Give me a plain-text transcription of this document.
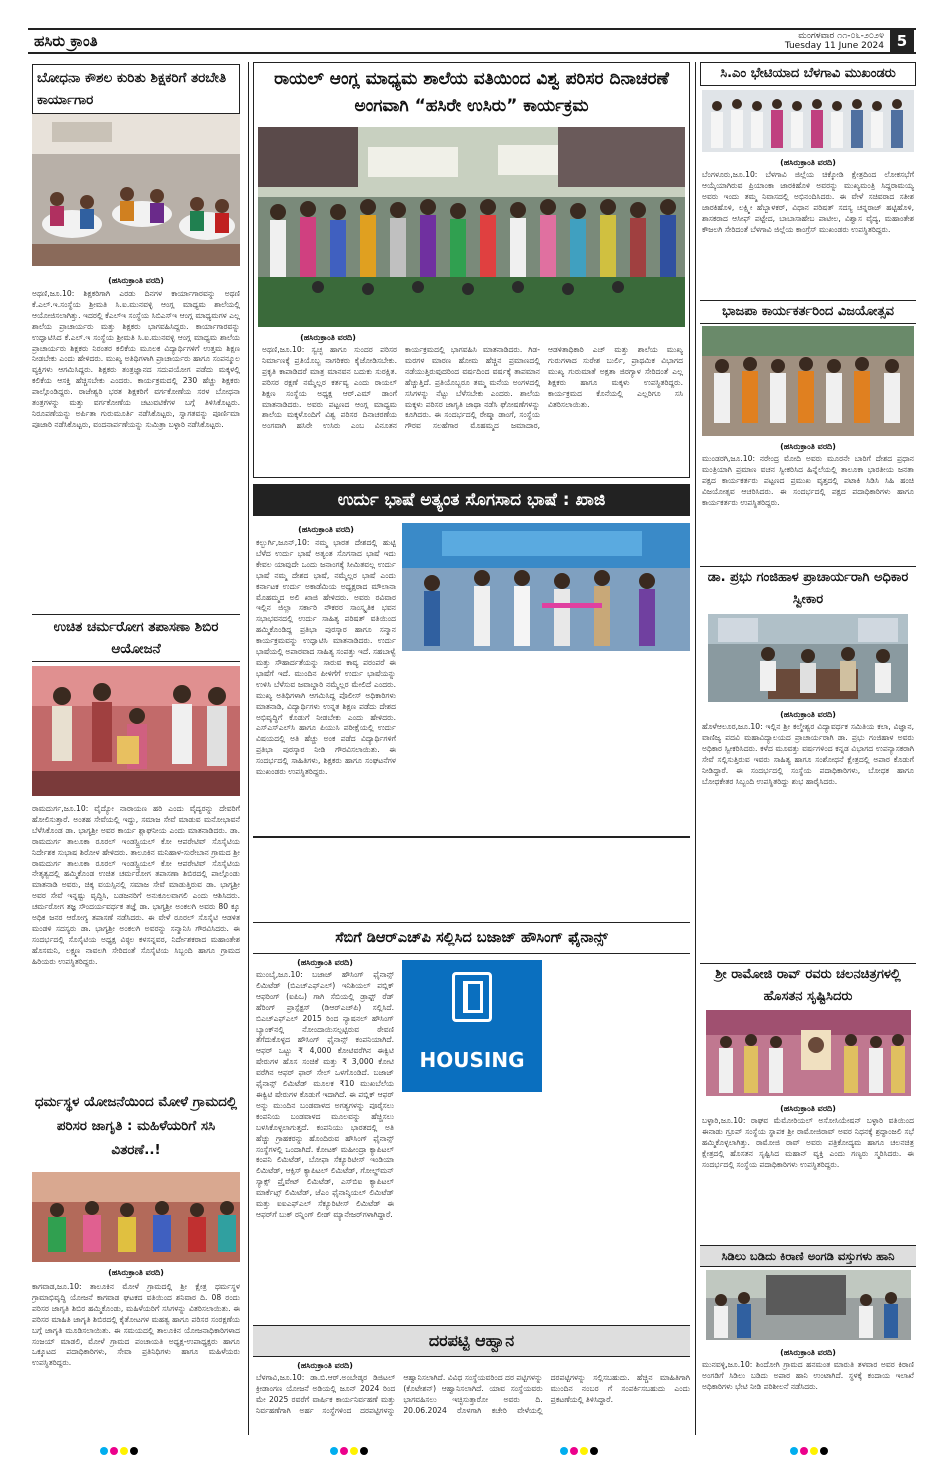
ಹಸಿರು ಕ್ರಾಂತಿ	ಮಂಗಳವಾರ ೧೧-೦೬-೨೦೨೪
Tuesday 11 June 2024 5
ಬೋಧನಾ ಕೌಶಲ ಕುರಿತು ಶಿಕ್ಷಕರಿಗೆ ತರಬೇತಿ ಕಾರ್ಯಾಗಾರ
(ಹಸಿರುಕ್ರಾಂತಿ ವರದಿ)
ಅಥಣಿ,ಜೂ.10: ಶಿಕ್ಷಕರಿಗಾಗಿ ಎರಡು ದಿನಗಳ ಕಾರ್ಯಾಗಾರವನ್ನು ಅಥಣಿ ಕೆ.ಎಲ್.ಇ.ಸಂಸ್ಥೆಯ ಶ್ರೀಮತಿ ಸಿ.ಐ.ಮುನವಳ್ಳಿ ಆಂಗ್ಲ ಮಾಧ್ಯಮ ಶಾಲೆಯಲ್ಲಿ ಆಯೋಜಿಸಲಾಗಿತ್ತು. ಇದರಲ್ಲಿ ಕೆಎಲ್ಇ ಸಂಸ್ಥೆಯ ಸಿಬಿಎಸ್ಇ ಆಂಗ್ಲ ಮಾಧ್ಯಮಗಳ ಎಲ್ಲ ಶಾಲೆಯ ಪ್ರಾಚಾರ್ಯರು ಮತ್ತು ಶಿಕ್ಷಕರು ಭಾಗವಹಿಸಿದ್ದರು. ಕಾರ್ಯಾಗಾರವನ್ನು ಉದ್ಘಾಟಿಸಿದ ಕೆ.ಎಲ್.ಇ ಸಂಸ್ಥೆಯ ಶ್ರೀಮತಿ ಸಿ.ಐ.ಮುನವಳ್ಳಿ ಆಂಗ್ಲ ಮಾಧ್ಯಮ ಶಾಲೆಯ ಪ್ರಾಚಾರ್ಯರು ಶಿಕ್ಷಕರು ನಿರಂತರ ಕಲಿಕೆಯ ಮೂಲಕ ವಿದ್ಯಾರ್ಥಿಗಳಿಗೆ ಉತ್ತಮ ಶಿಕ್ಷಣ ನೀಡಬೇಕು ಎಂದು ಹೇಳಿದರು. ಮುಖ್ಯ ಅತಿಥಿಗಳಾಗಿ ಪ್ರಾಚಾರ್ಯರು ಹಾಗೂ ಸಂಪನ್ಮೂಲ ವ್ಯಕ್ತಿಗಳು ಆಗಮಿಸಿದ್ದರು. ಶಿಕ್ಷಕರು ತಂತ್ರಜ್ಞಾನದ ಸದುಪಯೋಗ ಪಡೆದು ಮಕ್ಕಳಲ್ಲಿ ಕಲಿಕೆಯ ಆಸಕ್ತಿ ಹೆಚ್ಚಿಸಬೇಕು ಎಂದರು. ಕಾರ್ಯಕ್ರಮದಲ್ಲಿ 230 ಹೆಚ್ಚು ಶಿಕ್ಷಕರು ಪಾಲ್ಗೊಂಡಿದ್ದರು. ರಾಜೇಶ್ವರಿ ಭರತ ಶಿಕ್ಷಕರಿಗೆ ವರ್ಗಕೋಣೆಯ ಸರಳ ಬೋಧನಾ ತಂತ್ರಗಳನ್ನು ಮತ್ತು ವರ್ಗಕೋಣೆಯ ಚಟುವಟಿಕೆಗಳ ಬಗ್ಗೆ ತಿಳಿಸಿಕೊಟ್ಟರು. ನಿರೂಪಣೆಯನ್ನು ಅರ್ಪಿತಾ ಗುರುಮೂರ್ತಿ ನಡೆಸಿಕೊಟ್ಟರು, ಸ್ವಾಗತವನ್ನು ಪೂರ್ಣಿಮಾ ಪೂಜಾರಿ ನಡೆಸಿಕೊಟ್ಟರು, ವಂದನಾರ್ಪಣೆಯನ್ನು ಸುಮಿತ್ರಾ ಬಳ್ಳಾರಿ ನಡೆಸಿಕೊಟ್ಟರು.
ಉಚಿತ ಚರ್ಮರೋಗ ತಪಾಸಣಾ ಶಿಬಿರ ಆಯೋಜನೆ
ರಾಮದುರ್ಗ,ಜೂ.10: ವೈದ್ಯೋ ನಾರಾಯಣ ಹರಿ ಎಂದು ವೈದ್ಯರನ್ನು ದೇವರಿಗೆ ಹೋಲಿಸುತ್ತಾರೆ. ಅಂತಹ ಸೇವೆಯಲ್ಲಿ ಇದ್ದು, ಸಮಾಜ ಸೇವೆ ಮಾಡುವ ಮನೋಭಾವನೆ ಬೆಳೆಸಿಕೊಂಡ ಡಾ. ಭಾಗ್ಯಶ್ರೀ ಅವರ ಕಾರ್ಯ ಶ್ಲಾಘನೀಯ ಎಂದು ಮಾತನಾಡಿದರು. ಡಾ. ರಾಮದುರ್ಗ ತಾಲೂಕಾ ರೂರಲ್ ಇಂಡಸ್ಟ್ರಿಯಲ್ ಕೋ ಆಪರೇಟಿವ್ ಸೊಸೈಟಿಯ ನಿರ್ದೇಶಕ ಸುಭಾಷ ಶಿರೋಳ ಹೇಳಿದರು. ತಾಲೂಕಿನ ಮನಿಹಾಳ-ಸುರೇಬಾನ ಗ್ರಾಮದ ಶ್ರೀ ರಾಮದುರ್ಗ ತಾಲೂಕಾ ರೂರಲ್ ಇಂಡಸ್ಟ್ರಿಯಲ್ ಕೋ ಆಪರೇಟಿವ್ ಸೊಸೈಟಿಯ ನೇತೃತ್ವದಲ್ಲಿ ಹಮ್ಮಿಕೊಂಡ ಉಚಿತ ಚರ್ಮರೋಗ ತಪಾಸಣಾ ಶಿಬಿರದಲ್ಲಿ ಪಾಲ್ಗೊಂಡು ಮಾತನಾಡಿ ಅವರು, ಚಿಕ್ಕ ವಯಸ್ಸಿನಲ್ಲಿ ಸಮಾಜ ಸೇವೆ ಮಾಡುತ್ತಿರುವ ಡಾ. ಭಾಗ್ಯಶ್ರೀ ಅವರ ಸೇವೆ ಇನ್ನಷ್ಟು ವೃದ್ಧಿಸಿ, ಬಡಜನರಿಗೆ ಅನುಕೂಲವಾಗಲಿ ಎಂದು ಆಶಿಸಿದರು. ಚರ್ಮರೋಗ ತಜ್ಞ ಸೌಂದರ್ಯವರ್ಧಕ ತಜ್ಞೆ ಡಾ. ಭಾಗ್ಯಶ್ರೀ ಅಂಕಲಗಿ ಅವರು 80 ಕ್ಕೂ ಅಧಿಕ ಜನರ ಆರೋಗ್ಯ ತಪಾಸಣೆ ನಡೆಸಿದರು. ಈ ವೇಳೆ ರೂರಲ್ ಸೊಸೈಟಿ ಆಡಳಿತ ಮಂಡಳಿ ಸದಸ್ಯರು ಡಾ. ಭಾಗ್ಯಶ್ರೀ ಅಂಕಲಗಿ ಅವರನ್ನು ಸನ್ಮಾನಿಸಿ ಗೌರವಿಸಿದರು. ಈ ಸಂದರ್ಭದಲ್ಲಿ ಸೊಸೈಟಿಯ ಅಧ್ಯಕ್ಷ ವಿಠ್ಠಲ ಕಳಸನ್ನವರ, ನಿರ್ದೇಶಕರಾದ ಮಹಾಂತೇಶ ಹೊಸಮನಿ, ಲಕ್ಷ್ಮಣ ನಾವಲಗಿ ಸೇರಿದಂತೆ ಸೊಸೈಟಿಯ ಸಿಬ್ಬಂದಿ ಹಾಗೂ ಗ್ರಾಮದ ಹಿರಿಯರು ಉಪಸ್ಥಿತರಿದ್ದರು.
ಧರ್ಮಸ್ಥಳ ಯೋಜನೆಯಿಂದ ಮೋಳೆ ಗ್ರಾಮದಲ್ಲಿ ಪರಿಸರ ಜಾಗೃತಿ : ಮಹಿಳೆಯರಿಗೆ ಸಸಿ ವಿತರಣೆ..!
(ಹಸಿರುಕ್ರಾಂತಿ ವರದಿ)
ಕಾಗವಾಡ,ಜೂ.10: ತಾಲೂಕಿನ ಮೋಳೆ ಗ್ರಾಮದಲ್ಲಿ ಶ್ರೀ ಕ್ಷೇತ್ರ ಧರ್ಮಸ್ಥಳ ಗ್ರಾಮಾಭಿವೃದ್ಧಿ ಯೋಜನೆ ಕಾಗವಾಡ ಘಟಕದ ವತಿಯಿಂದ ಶನಿವಾರ ದಿ. 08 ರಂದು ಪರಿಸರ ಜಾಗೃತಿ ಶಿಬಿರ ಹಮ್ಮಿಕೊಂಡು, ಮಹಿಳೆಯರಿಗೆ ಸಸಿಗಳನ್ನು ವಿತರಿಸಲಾಯಿತು. ಈ ಪರಿಸರ ಮಾಹಿತಿ ಜಾಗೃತಿ ಶಿಬಿರದಲ್ಲಿ ಕೈತೋಟಗಳ ಮಹತ್ವ ಹಾಗೂ ಪರಿಸರ ಸಂರಕ್ಷಣೆಯ ಬಗ್ಗೆ ಜಾಗೃತಿ ಮೂಡಿಸಲಾಯಿತು. ಈ ಸಮಯದಲ್ಲಿ ತಾಲೂಕಿನ ಯೋಜನಾಧಿಕಾರಿಗಳಾದ ಸಂಜಯ್ ಮಾಡಲಿ, ಮೋಳೆ ಗ್ರಾಮದ ಪಂಚಾಯತಿ ಅಧ್ಯಕ್ಷ-ಉಪಾಧ್ಯಕ್ಷರು ಹಾಗೂ ಒಕ್ಕೂಟದ ಪದಾಧಿಕಾರಿಗಳು, ಸೇವಾ ಪ್ರತಿನಿಧಿಗಳು ಹಾಗೂ ಮಹಿಳೆಯರು ಉಪಸ್ಥಿತರಿದ್ದರು.
ರಾಯಲ್ ಆಂಗ್ಲ ಮಾಧ್ಯಮ ಶಾಲೆಯ ವತಿಯಿಂದ ವಿಶ್ವ ಪರಿಸರ ದಿನಾಚರಣೆ ಅಂಗವಾಗಿ “ಹಸಿರೇ ಉಸಿರು” ಕಾರ್ಯಕ್ರಮ
(ಹಸಿರುಕ್ರಾಂತಿ ವರದಿ)
ಅಥಣಿ,ಜೂ.10: ಸ್ವಚ್ಛ ಹಾಗೂ ಸುಂದರ ಪರಿಸರ ನಿರ್ಮಾಣಕ್ಕೆ ಪ್ರತಿಯೊಬ್ಬ ನಾಗರಿಕರು ಕೈಜೋಡಿಸಬೇಕು. ಪ್ರಕೃತಿ ಕಾಪಾಡಿದರೆ ಮಾತ್ರ ಮಾನವನ ಬದುಕು ಸುರಕ್ಷಿತ. ಪರಿಸರ ರಕ್ಷಣೆ ನಮ್ಮೆಲ್ಲರ ಕರ್ತವ್ಯ ಎಂದು ರಾಯಲ್ ಶಿಕ್ಷಣ ಸಂಸ್ಥೆಯ ಅಧ್ಯಕ್ಷ ಆರ್.ಎಮ್ ಡಾಂಗೆ ಮಾತನಾಡಿದರು. ಅವರು ಪಟ್ಟಣದ ಆಂಗ್ಲ ಮಾಧ್ಯಮ ಶಾಲೆಯ ಮಕ್ಕಳೊಂದಿಗೆ ವಿಶ್ವ ಪರಿಸರ ದಿನಾಚರಣೆಯ ಅಂಗವಾಗಿ ಹಸಿರೇ ಉಸಿರು ಎಂಬ ವಿನೂತನ ಕಾರ್ಯಕ್ರಮದಲ್ಲಿ ಭಾಗವಹಿಸಿ ಮಾತನಾಡಿದರು. ಗಿಡ-ಮರಗಳ ಮಾರಣ ಹೋಮ ಹೆಚ್ಚಿನ ಪ್ರಮಾಣದಲ್ಲಿ ನಡೆಯುತ್ತಿರುವುದರಿಂದ ವರ್ಷದಿಂದ ವರ್ಷಕ್ಕೆ ತಾಪಮಾನ ಹೆಚ್ಚುತ್ತಿದೆ. ಪ್ರತಿಯೊಬ್ಬರೂ ತಮ್ಮ ಮನೆಯ ಅಂಗಳದಲ್ಲಿ ಸಸಿಗಳನ್ನು ನೆಟ್ಟು ಬೆಳೆಸಬೇಕು ಎಂದರು. ಶಾಲೆಯ ಮಕ್ಕಳು ಪರಿಸರ ಜಾಗೃತಿ ಜಾಥಾ ನಡೆಸಿ ಘೋಷಣೆಗಳನ್ನು ಕೂಗಿದರು. ಈ ಸಂದರ್ಭದಲ್ಲಿ ರೇಷ್ಮಾ ಡಾಂಗೆ, ಸಂಸ್ಥೆಯ ಗೌರವ ಸಲಹೆಗಾರ ಮೊಹಮ್ಮದ ಜಮಾದಾರ, ಆಡಳಿತಾಧಿಕಾರಿ ಎಚ್ ಮತ್ತು ಶಾಲೆಯ ಮುಖ್ಯ ಗುರುಗಳಾದ ಸುರೇಶ ಬುರ್ಲಿ, ಪ್ರಾಥಮಿಕ ವಿಭಾಗದ ಮುಖ್ಯ ಗುರುಮಾತೆ ಅಕ್ಷತಾ ಜಿರಗ್ಯಾಳ ಸೇರಿದಂತೆ ಎಲ್ಲ ಶಿಕ್ಷಕರು ಹಾಗೂ ಮಕ್ಕಳು ಉಪಸ್ಥಿತರಿದ್ದರು. ಕಾರ್ಯಕ್ರಮದ ಕೊನೆಯಲ್ಲಿ ಎಲ್ಲರಿಗೂ ಸಸಿ ವಿತರಿಸಲಾಯಿತು.
ಉರ್ದು ಭಾಷೆ ಅತ್ಯಂತ ಸೊಗಸಾದ ಭಾಷೆ : ಖಾಜಿ
(ಹಸಿರುಕ್ರಾಂತಿ ವರದಿ)
ಕಲ್ಬುರ್ಗಿ,ಜೂನ್,10: ನಮ್ಮ ಭಾರತ ದೇಶದಲ್ಲಿ ಹುಟ್ಟಿ ಬೆಳೆದ ಉರ್ದು ಭಾಷೆ ಅತ್ಯಂತ ಸೊಗಸಾದ ಭಾಷೆ ಇದು ಕೇವಲ ಯಾವುದೇ ಒಂದು ಜನಾಂಗಕ್ಕೆ ಸೀಮಿತವಲ್ಲ ಉರ್ದು ಭಾಷೆ ನಮ್ಮ ದೇಶದ ಭಾಷೆ, ನಮ್ಮೆಲ್ಲರ ಭಾಷೆ ಎಂದು ಕರ್ನಾಟಕ ಉರ್ದು ಅಕಾಡೆಮಿಯ ಅಧ್ಯಕ್ಷರಾದ ಮೌಲಾನಾ ಮೊಹಮ್ಮದ ಅಲಿ ಖಾಜಿ ಹೇಳಿದರು. ಅವರು ರವಿವಾರ ಇಲ್ಲಿನ ಜಿಲ್ಲಾ ಸರ್ಕಾರಿ ನೌಕರರ ಸಾಂಸ್ಕೃತಿಕ ಭವನ ಸಭಾಭವನದಲ್ಲಿ ಉರ್ದು ಸಾಹಿತ್ಯ ಪರಿಷತ್ ವತಿಯಿಂದ ಹಮ್ಮಿಕೊಂಡಿದ್ದ ಪ್ರತಿಭಾ ಪುರಸ್ಕಾರ ಹಾಗೂ ಸನ್ಮಾನ ಕಾರ್ಯಕ್ರಮವನ್ನು ಉದ್ಘಾಟಿಸಿ ಮಾತನಾಡಿದರು. ಉರ್ದು ಭಾಷೆಯಲ್ಲಿ ಅಪಾರವಾದ ಸಾಹಿತ್ಯ ಸಂಪತ್ತು ಇದೆ. ಸಹಬಾಳ್ವೆ ಮತ್ತು ಸೌಹಾರ್ದತೆಯನ್ನು ಸಾರುವ ಕಾವ್ಯ ಪರಂಪರೆ ಈ ಭಾಷೆಗೆ ಇದೆ. ಮುಂದಿನ ಪೀಳಿಗೆಗೆ ಉರ್ದು ಭಾಷೆಯನ್ನು ಉಳಿಸಿ ಬೆಳೆಸುವ ಜವಾಬ್ದಾರಿ ನಮ್ಮೆಲ್ಲರ ಮೇಲಿದೆ ಎಂದರು. ಮುಖ್ಯ ಅತಿಥಿಗಳಾಗಿ ಆಗಮಿಸಿದ್ದ ಪೊಲೀಸ್ ಅಧಿಕಾರಿಗಳು ಮಾತನಾಡಿ, ವಿದ್ಯಾರ್ಥಿಗಳು ಉನ್ನತ ಶಿಕ್ಷಣ ಪಡೆದು ದೇಶದ ಅಭಿವೃದ್ಧಿಗೆ ಕೊಡುಗೆ ನೀಡಬೇಕು ಎಂದು ಹೇಳಿದರು. ಎಸ್ಎಸ್ಎಲ್‌ಸಿ ಹಾಗೂ ಪಿಯುಸಿ ಪರೀಕ್ಷೆಯಲ್ಲಿ ಉರ್ದು ವಿಷಯದಲ್ಲಿ ಅತಿ ಹೆಚ್ಚು ಅಂಕ ಪಡೆದ ವಿದ್ಯಾರ್ಥಿಗಳಿಗೆ ಪ್ರತಿಭಾ ಪುರಸ್ಕಾರ ನೀಡಿ ಗೌರವಿಸಲಾಯಿತು. ಈ ಸಂದರ್ಭದಲ್ಲಿ ಸಾಹಿತಿಗಳು, ಶಿಕ್ಷಕರು ಹಾಗೂ ಸಂಘಟನೆಗಳ ಮುಖಂಡರು ಉಪಸ್ಥಿತರಿದ್ದರು.
ಸೆಬಿಗೆ ಡಿಆರ್‌ಎಚ್‌ಪಿ ಸಲ್ಲಿಸಿದ ಬಜಾಜ್ ಹೌಸಿಂಗ್ ಫೈನಾನ್ಸ್
(ಹಸಿರುಕ್ರಾಂತಿ ವರದಿ)
ಮುಂಬೈ,ಜೂ.10: ಬಜಾಜ್ ಹೌಸಿಂಗ್ ಫೈನಾನ್ಸ್ ಲಿಮಿಟೆಡ್ (ಬಿಎಚ್‌ಎಫ್‌ಎಲ್) ಇನಿಶಿಯಲ್ ಪಬ್ಲಿಕ್ ಆಫರಿಂಗ್ (ಐಪಿಒ) ಗಾಗಿ ಸೆಬಿಯಲ್ಲಿ ಡ್ರಾಫ್ಟ್ ರೆಡ್ ಹೆರಿಂಗ್ ಪ್ರಾಸ್ಪೆಕ್ಟಸ್ (ಡಿಆರ್‌ಎಚ್‌ಪಿ) ಸಲ್ಲಿಸಿದೆ. ಬಿಎಚ್‌ಎಫ್‌ಎಲ್ 2015 ರಿಂದ ನ್ಯಾಷನಲ್ ಹೌಸಿಂಗ್ ಬ್ಯಾಂಕ್‌ನಲ್ಲಿ ನೋಂದಾಯಿಸಲ್ಪಟ್ಟಿರುವ ಠೇವಣಿ ತೆಗೆದುಕೊಳ್ಳದ ಹೌಸಿಂಗ್ ಫೈನಾನ್ಸ್ ಕಂಪನಿಯಾಗಿದೆ. ಆಫರ್ ಒಟ್ಟು ₹ 4,000 ಕೋಟಿವರೆಗಿನ ಈಕ್ವಿಟಿ ಷೇರುಗಳ ಹೊಸ ಸಂಚಿಕೆ ಮತ್ತು ₹ 3,000 ಕೋಟಿ ವರೆಗಿನ ಆಫರ್ ಫಾರ್ ಸೇಲ್ ಒಳಗೊಂಡಿದೆ. ಬಜಾಜ್ ಫೈನಾನ್ಸ್ ಲಿಮಿಟೆಡ್ ಮೂಲಕ ₹10 ಮುಖಬೆಲೆಯ ಈಕ್ವಿಟಿ ಷೇರುಗಳ ಕೊಡುಗೆ ಇದಾಗಿದೆ. ಈ ಪಬ್ಲಿಕ್ ಆಫರ್ ಅನ್ನು ಮುಂದಿನ ಬಂಡವಾಳದ ಅಗತ್ಯಗಳನ್ನು ಪೂರೈಸಲು ಕಂಪನಿಯ ಬಂಡವಾಳದ ಮೂಲವನ್ನು ಹೆಚ್ಚಿಸಲು ಬಳಸಿಕೊಳ್ಳಲಾಗುತ್ತದೆ. ಕಂಪನಿಯು ಭಾರತದಲ್ಲಿ ಅತಿ ಹೆಚ್ಚು ಗ್ರಾಹಕರನ್ನು ಹೊಂದಿರುವ ಹೌಸಿಂಗ್ ಫೈನಾನ್ಸ್ ಸಂಸ್ಥೆಗಳಲ್ಲಿ ಒಂದಾಗಿದೆ. ಕೋಟಕ್ ಮಹೀಂದ್ರಾ ಕ್ಯಾಪಿಟಲ್ ಕಂಪನಿ ಲಿಮಿಟೆಡ್, ಬೋಫಾ ಸೆಕ್ಯೂರಿಟೀಸ್ ಇಂಡಿಯಾ ಲಿಮಿಟೆಡ್, ಆಕ್ಸಿಸ್ ಕ್ಯಾಪಿಟಲ್ ಲಿಮಿಟೆಡ್, ಗೋಲ್ಡ್‌ಮನ್ ಸ್ಯಾಕ್ಸ್ ಪ್ರೈವೇಟ್ ಲಿಮಿಟೆಡ್, ಎಸ್‌ಬಿಐ ಕ್ಯಾಪಿಟಲ್ ಮಾರ್ಕೆಟ್ಸ್ ಲಿಮಿಟೆಡ್, ಜೆಎಂ ಫೈನಾನ್ಶಿಯಲ್ ಲಿಮಿಟೆಡ್ ಮತ್ತು ಐಐಎಫ್‌ಎಲ್ ಸೆಕ್ಯೂರಿಟೀಸ್ ಲಿಮಿಟೆಡ್ ಈ ಆಫರ್‌ಗೆ ಬುಕ್ ರನ್ನಿಂಗ್ ಲೀಡ್ ಮ್ಯಾನೇಜರ್‌ಗಳಾಗಿದ್ದಾರೆ.
HOUSING
ದರಪಟ್ಟಿ ಆಹ್ವಾನ
(ಹಸಿರುಕ್ರಾಂತಿ ವರದಿ)
ಬೆಳಗಾವಿ,ಜೂ.10: ಡಾ.ಬಿ.ಆರ್.ಅಂಬೇಡ್ಕರ ಡಿಜಿಟಲ್ ಕ್ರೀಡಾಂಗಣ ಯೋಜನೆ ಅಡಿಯಲ್ಲಿ ಜೂನ್ 2024 ರಿಂದ ಮೇ 2025 ರವರೆಗೆ ವಾರ್ಷಿಕ ಕಾರ್ಯನಿರ್ವಹಣೆ ಮತ್ತು ನಿರ್ವಹಣೆಗಾಗಿ ಅರ್ಹ ಸಂಸ್ಥೆಗಳಿಂದ ದರಪಟ್ಟಿಗಳನ್ನು ಆಹ್ವಾನಿಸಲಾಗಿದೆ. ವಿವಿಧ ಸಂಸ್ಥೆಯವರಿಂದ ದರ ಪಟ್ಟಿಗಳನ್ನು (ಕೊಟೇಶನ್) ಆಹ್ವಾನಿಸಲಾಗಿದೆ. ಯಾವ ಸಂಸ್ಥೆಯವರು ಭಾಗವಹಿಸಲು ಇಚ್ಛಿಸುತ್ತಾರೋ ಅವರು ದಿ. 20.06.2024 ರೊಳಗಾಗಿ ಕಚೇರಿ ವೇಳೆಯಲ್ಲಿ ದರಪಟ್ಟಿಗಳನ್ನು ಸಲ್ಲಿಸಬಹುದು. ಹೆಚ್ಚಿನ ಮಾಹಿತಿಗಾಗಿ ಮುಂದಿನ ನಂಬರ ಗೆ ಸಂಪರ್ಕಿಸಬಹುದು ಎಂದು ಪ್ರಕಟಣೆಯಲ್ಲಿ ತಿಳಿಸಿದ್ದಾರೆ.
ಸಿ.ಎಂ ಭೇಟಿಯಾದ ಬೆಳಗಾವಿ ಮುಖಂಡರು
(ಹಸಿರುಕ್ರಾಂತಿ ವರದಿ)
ಬೆಂಗಳೂರು,ಜೂ.10: ಬೆಳಗಾವಿ ಜಿಲ್ಲೆಯ ಚಿಕ್ಕೋಡಿ ಕ್ಷೇತ್ರದಿಂದ ಲೋಕಸಭೆಗೆ ಆಯ್ಕೆಯಾಗಿರುವ ಪ್ರಿಯಾಂಕಾ ಜಾರಕಿಹೊಳಿ ಅವರನ್ನು ಮುಖ್ಯಮಂತ್ರಿ ಸಿದ್ದರಾಮಯ್ಯ ಅವರು ಇಂದು ತಮ್ಮ ನಿವಾಸದಲ್ಲಿ ಅಭಿನಂದಿಸಿದರು. ಈ ವೇಳೆ ಸಚಿವರಾದ ಸತೀಶ ಜಾರಕಿಹೊಳಿ, ಲಕ್ಷ್ಮೀ ಹೆಬ್ಬಾಳಕರ್, ವಿಧಾನ ಪರಿಷತ್ ಸದಸ್ಯ ಚನ್ನರಾಜ್ ಹಟ್ಟಿಹೊಳಿ, ಶಾಸಕರಾದ ಆಸೀಫ್ ಪಟ್ಟೇದ, ಬಾಬಾಸಾಹೇಬ ಪಾಟೀಲ, ವಿಶ್ವಾಸ ವೈದ್ಯ, ಮಹಾಂತೇಶ ಕೌಜಲಗಿ ಸೇರಿದಂತೆ ಬೆಳಗಾವಿ ಜಿಲ್ಲೆಯ ಕಾಂಗ್ರೆಸ್ ಮುಖಂಡರು ಉಪಸ್ಥಿತರಿದ್ದರು.
ಭಾಜಪಾ ಕಾರ್ಯಕರ್ತರಿಂದ ವಿಜಯೋತ್ಸವ
(ಹಸಿರುಕ್ರಾಂತಿ ವರದಿ)
ಮುಂಡರಗಿ,ಜೂ.10: ನರೇಂದ್ರ ಮೋದಿ ಅವರು ಮೂರನೇ ಬಾರಿಗೆ ದೇಶದ ಪ್ರಧಾನ ಮಂತ್ರಿಯಾಗಿ ಪ್ರಮಾಣ ವಚನ ಸ್ವೀಕರಿಸಿದ ಹಿನ್ನೆಲೆಯಲ್ಲಿ ತಾಲೂಕಾ ಭಾರತೀಯ ಜನತಾ ಪಕ್ಷದ ಕಾರ್ಯಕರ್ತರು ಪಟ್ಟಣದ ಪ್ರಮುಖ ವೃತ್ತದಲ್ಲಿ ಪಟಾಕಿ ಸಿಡಿಸಿ ಸಿಹಿ ಹಂಚಿ ವಿಜಯೋತ್ಸವ ಆಚರಿಸಿದರು. ಈ ಸಂದರ್ಭದಲ್ಲಿ ಪಕ್ಷದ ಪದಾಧಿಕಾರಿಗಳು ಹಾಗೂ ಕಾರ್ಯಕರ್ತರು ಉಪಸ್ಥಿತರಿದ್ದರು.
ಡಾ. ಪ್ರಭು ಗಂಜಿಹಾಳ ಪ್ರಾಚಾರ್ಯರಾಗಿ ಅಧಿಕಾರ ಸ್ವೀಕಾರ
(ಹಸಿರುಕ್ರಾಂತಿ ವರದಿ)
ಹೊಳೆಆಲೂರ,ಜೂ.10: ಇಲ್ಲಿನ ಶ್ರೀ ಕಲ್ಮೇಶ್ವರ ವಿದ್ಯಾವರ್ಧಕ ಸಮಿತಿಯ ಕಲಾ, ವಿಜ್ಞಾನ, ವಾಣಿಜ್ಯ ಪದವಿ ಮಹಾವಿದ್ಯಾಲಯದ ಪ್ರಾಚಾರ್ಯರಾಗಿ ಡಾ. ಪ್ರಭು ಗಂಜಿಹಾಳ ಅವರು ಅಧಿಕಾರ ಸ್ವೀಕರಿಸಿದರು. ಕಳೆದ ಮೂವತ್ತು ವರ್ಷಗಳಿಂದ ಕನ್ನಡ ವಿಭಾಗದ ಉಪನ್ಯಾಸಕರಾಗಿ ಸೇವೆ ಸಲ್ಲಿಸುತ್ತಿರುವ ಇವರು ಸಾಹಿತ್ಯ ಹಾಗೂ ಸಂಶೋಧನೆ ಕ್ಷೇತ್ರದಲ್ಲಿ ಅಪಾರ ಕೊಡುಗೆ ನೀಡಿದ್ದಾರೆ. ಈ ಸಂದರ್ಭದಲ್ಲಿ ಸಂಸ್ಥೆಯ ಪದಾಧಿಕಾರಿಗಳು, ಬೋಧಕ ಹಾಗೂ ಬೋಧಕೇತರ ಸಿಬ್ಬಂದಿ ಉಪಸ್ಥಿತರಿದ್ದು ಶುಭ ಹಾರೈಸಿದರು.
ಶ್ರೀ ರಾಮೋಜಿ ರಾವ್ ರವರು ಚಲನಚಿತ್ರಗಳಲ್ಲಿ ಹೊಸತನ ಸೃಷ್ಟಿಸಿದರು
(ಹಸಿರುಕ್ರಾಂತಿ ವರದಿ)
ಬಳ್ಳಾರಿ,ಜೂ.10: ರಾಘವ ಮೆಮೋರಿಯಲ್ ಅಸೋಸಿಯೇಷನ್ ಬಳ್ಳಾರಿ ವತಿಯಿಂದ ಈನಾಡು ಗ್ರೂಪ್ ಸಂಸ್ಥೆಯ ಸ್ಥಾಪಕ ಶ್ರೀ ರಾಮೋಜಿರಾವ್ ಅವರ ನಿಧನಕ್ಕೆ ಶ್ರದ್ಧಾಂಜಲಿ ಸಭೆ ಹಮ್ಮಿಕೊಳ್ಳಲಾಗಿತ್ತು. ರಾಮೋಜಿ ರಾವ್ ಅವರು ಪತ್ರಿಕೋದ್ಯಮ ಹಾಗೂ ಚಲನಚಿತ್ರ ಕ್ಷೇತ್ರದಲ್ಲಿ ಹೊಸತನ ಸೃಷ್ಟಿಸಿದ ಮಹಾನ್ ವ್ಯಕ್ತಿ ಎಂದು ಗಣ್ಯರು ಸ್ಮರಿಸಿದರು. ಈ ಸಂದರ್ಭದಲ್ಲಿ ಸಂಸ್ಥೆಯ ಪದಾಧಿಕಾರಿಗಳು ಉಪಸ್ಥಿತರಿದ್ದರು.
ಸಿಡಿಲು ಬಡಿದು ಕಿರಾಣಿ ಅಂಗಡಿ ವಸ್ತುಗಳು ಹಾನಿ
(ಹಸಿರುಕ್ರಾಂತಿ ವರದಿ)
ಮುನವಳ್ಳಿ,ಜೂ.10: ಶಿಂದೋಗಿ ಗ್ರಾಮದ ಹನಮಂತ ಮಾರುತಿ ತಳವಾರ ಅವರ ಕಿರಾಣಿ ಅಂಗಡಿಗೆ ಸಿಡಿಲು ಬಡಿದು ಅಪಾರ ಹಾನಿ ಉಂಟಾಗಿದೆ. ಸ್ಥಳಕ್ಕೆ ಕಂದಾಯ ಇಲಾಖೆ ಅಧಿಕಾರಿಗಳು ಭೇಟಿ ನೀಡಿ ಪರಿಶೀಲನೆ ನಡೆಸಿದರು.
